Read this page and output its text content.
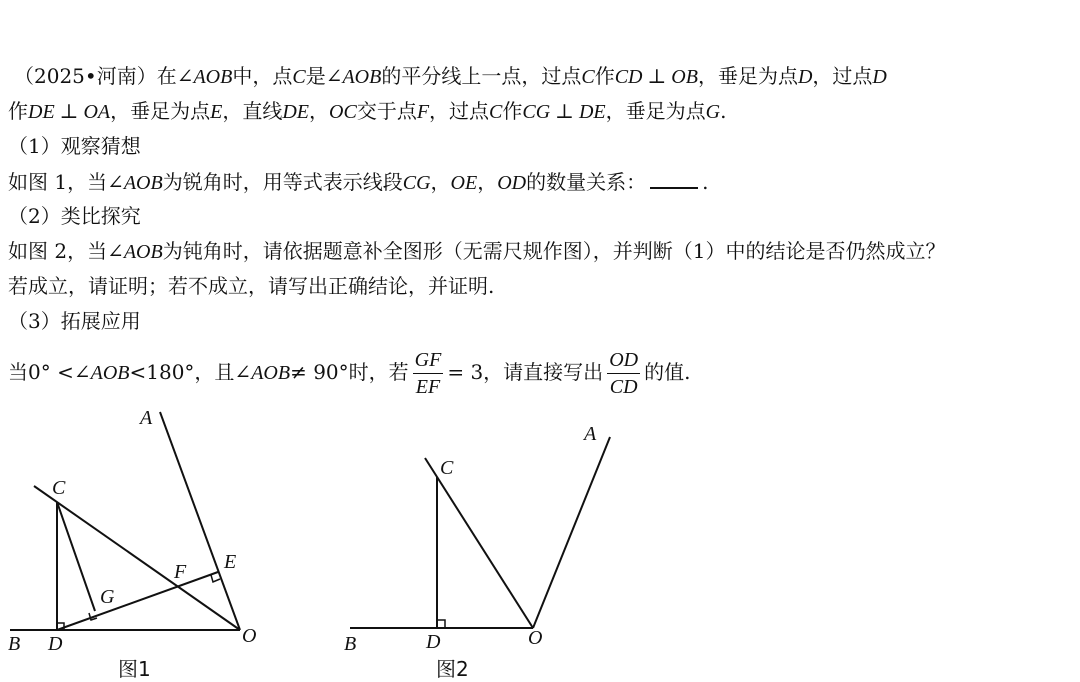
（2025•河南）在∠AOB中，点C是∠AOB的平分线上一点，过点C作CD ⊥ OB，垂足为点D，过点D
作DE ⊥ OA，垂足为点E，直线DE，OC交于点F，过点C作CG ⊥ DE，垂足为点G.
（1）观察猜想
如图 1，当∠AOB为锐角时，用等式表示线段CG，OE，OD的数量关系：	.
（2）类比探究
如图 2，当∠AOB为钝角时，请依据题意补全图形（无需尺规作图），并判断（1）中的结论是否仍然成立？
若成立，请证明；若不成立，请写出正确结论，并证明.
（3）拓展应用
当0° <∠AOB<180°，且∠AOB≠ 90°时，若 $\frac{GF}{EF} = 3$，请直接写出 $\frac{OD}{CD}$ 的值.
A
C
E
F
G
B D	O
图1
A
C
B	D	O
图2
